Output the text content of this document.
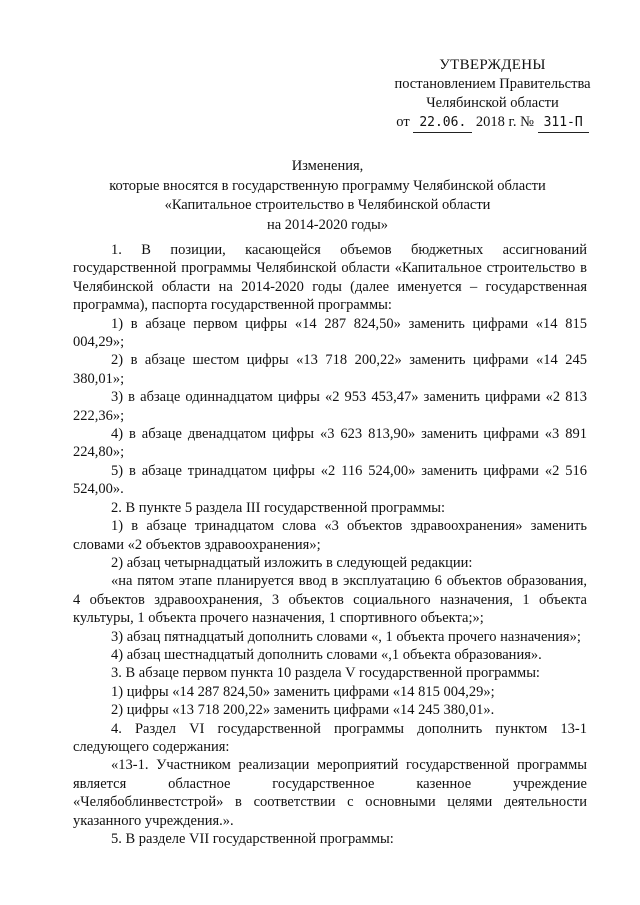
УТВЕРЖДЕНЫ
постановлением Правительства
Челябинской области
от 22.06. 2018 г. № 311-П
Изменения,
которые вносятся в государственную программу Челябинской области
«Капитальное строительство в Челябинской области
на 2014-2020 годы»

1. В позиции, касающейся объемов бюджетных ассигнований государственной программы Челябинской области «Капитальное строительство в Челябинской области на 2014-2020 годы (далее именуется – государственная программа), паспорта государственной программы:

1) в абзаце первом цифры «14 287 824,50» заменить цифрами «14 815 004,29»;

2) в абзаце шестом цифры «13 718 200,22» заменить цифрами «14 245 380,01»;

3) в абзаце одиннадцатом цифры «2 953 453,47» заменить цифрами «2 813 222,36»;

4) в абзаце двенадцатом цифры «3 623 813,90» заменить цифрами «3 891 224,80»;

5) в абзаце тринадцатом цифры «2 116 524,00» заменить цифрами «2 516 524,00».

2. В пункте 5 раздела III государственной программы:

1) в абзаце тринадцатом слова «3 объектов здравоохранения» заменить словами «2 объектов здравоохранения»;

2) абзац четырнадцатый изложить в следующей редакции:

«на пятом этапе планируется ввод в эксплуатацию 6 объектов образования, 4 объектов здравоохранения, 3 объектов социального назначения, 1 объекта культуры, 1 объекта прочего назначения, 1 спортивного объекта;»;

3) абзац пятнадцатый дополнить словами «, 1 объекта прочего назначения»;

4) абзац шестнадцатый дополнить словами «,1 объекта образования».

3. В абзаце первом пункта 10 раздела V государственной программы:

1) цифры «14 287 824,50» заменить цифрами «14 815 004,29»;

2) цифры «13 718 200,22» заменить цифрами «14 245 380,01».

4. Раздел VI государственной программы дополнить пунктом 13-1 следующего содержания:

«13-1. Участником реализации мероприятий государственной программы является областное государственное казенное учреждение «Челябоблинвестстрой» в соответствии с основными целями деятельности указанного учреждения.».

5. В разделе VII государственной программы:
